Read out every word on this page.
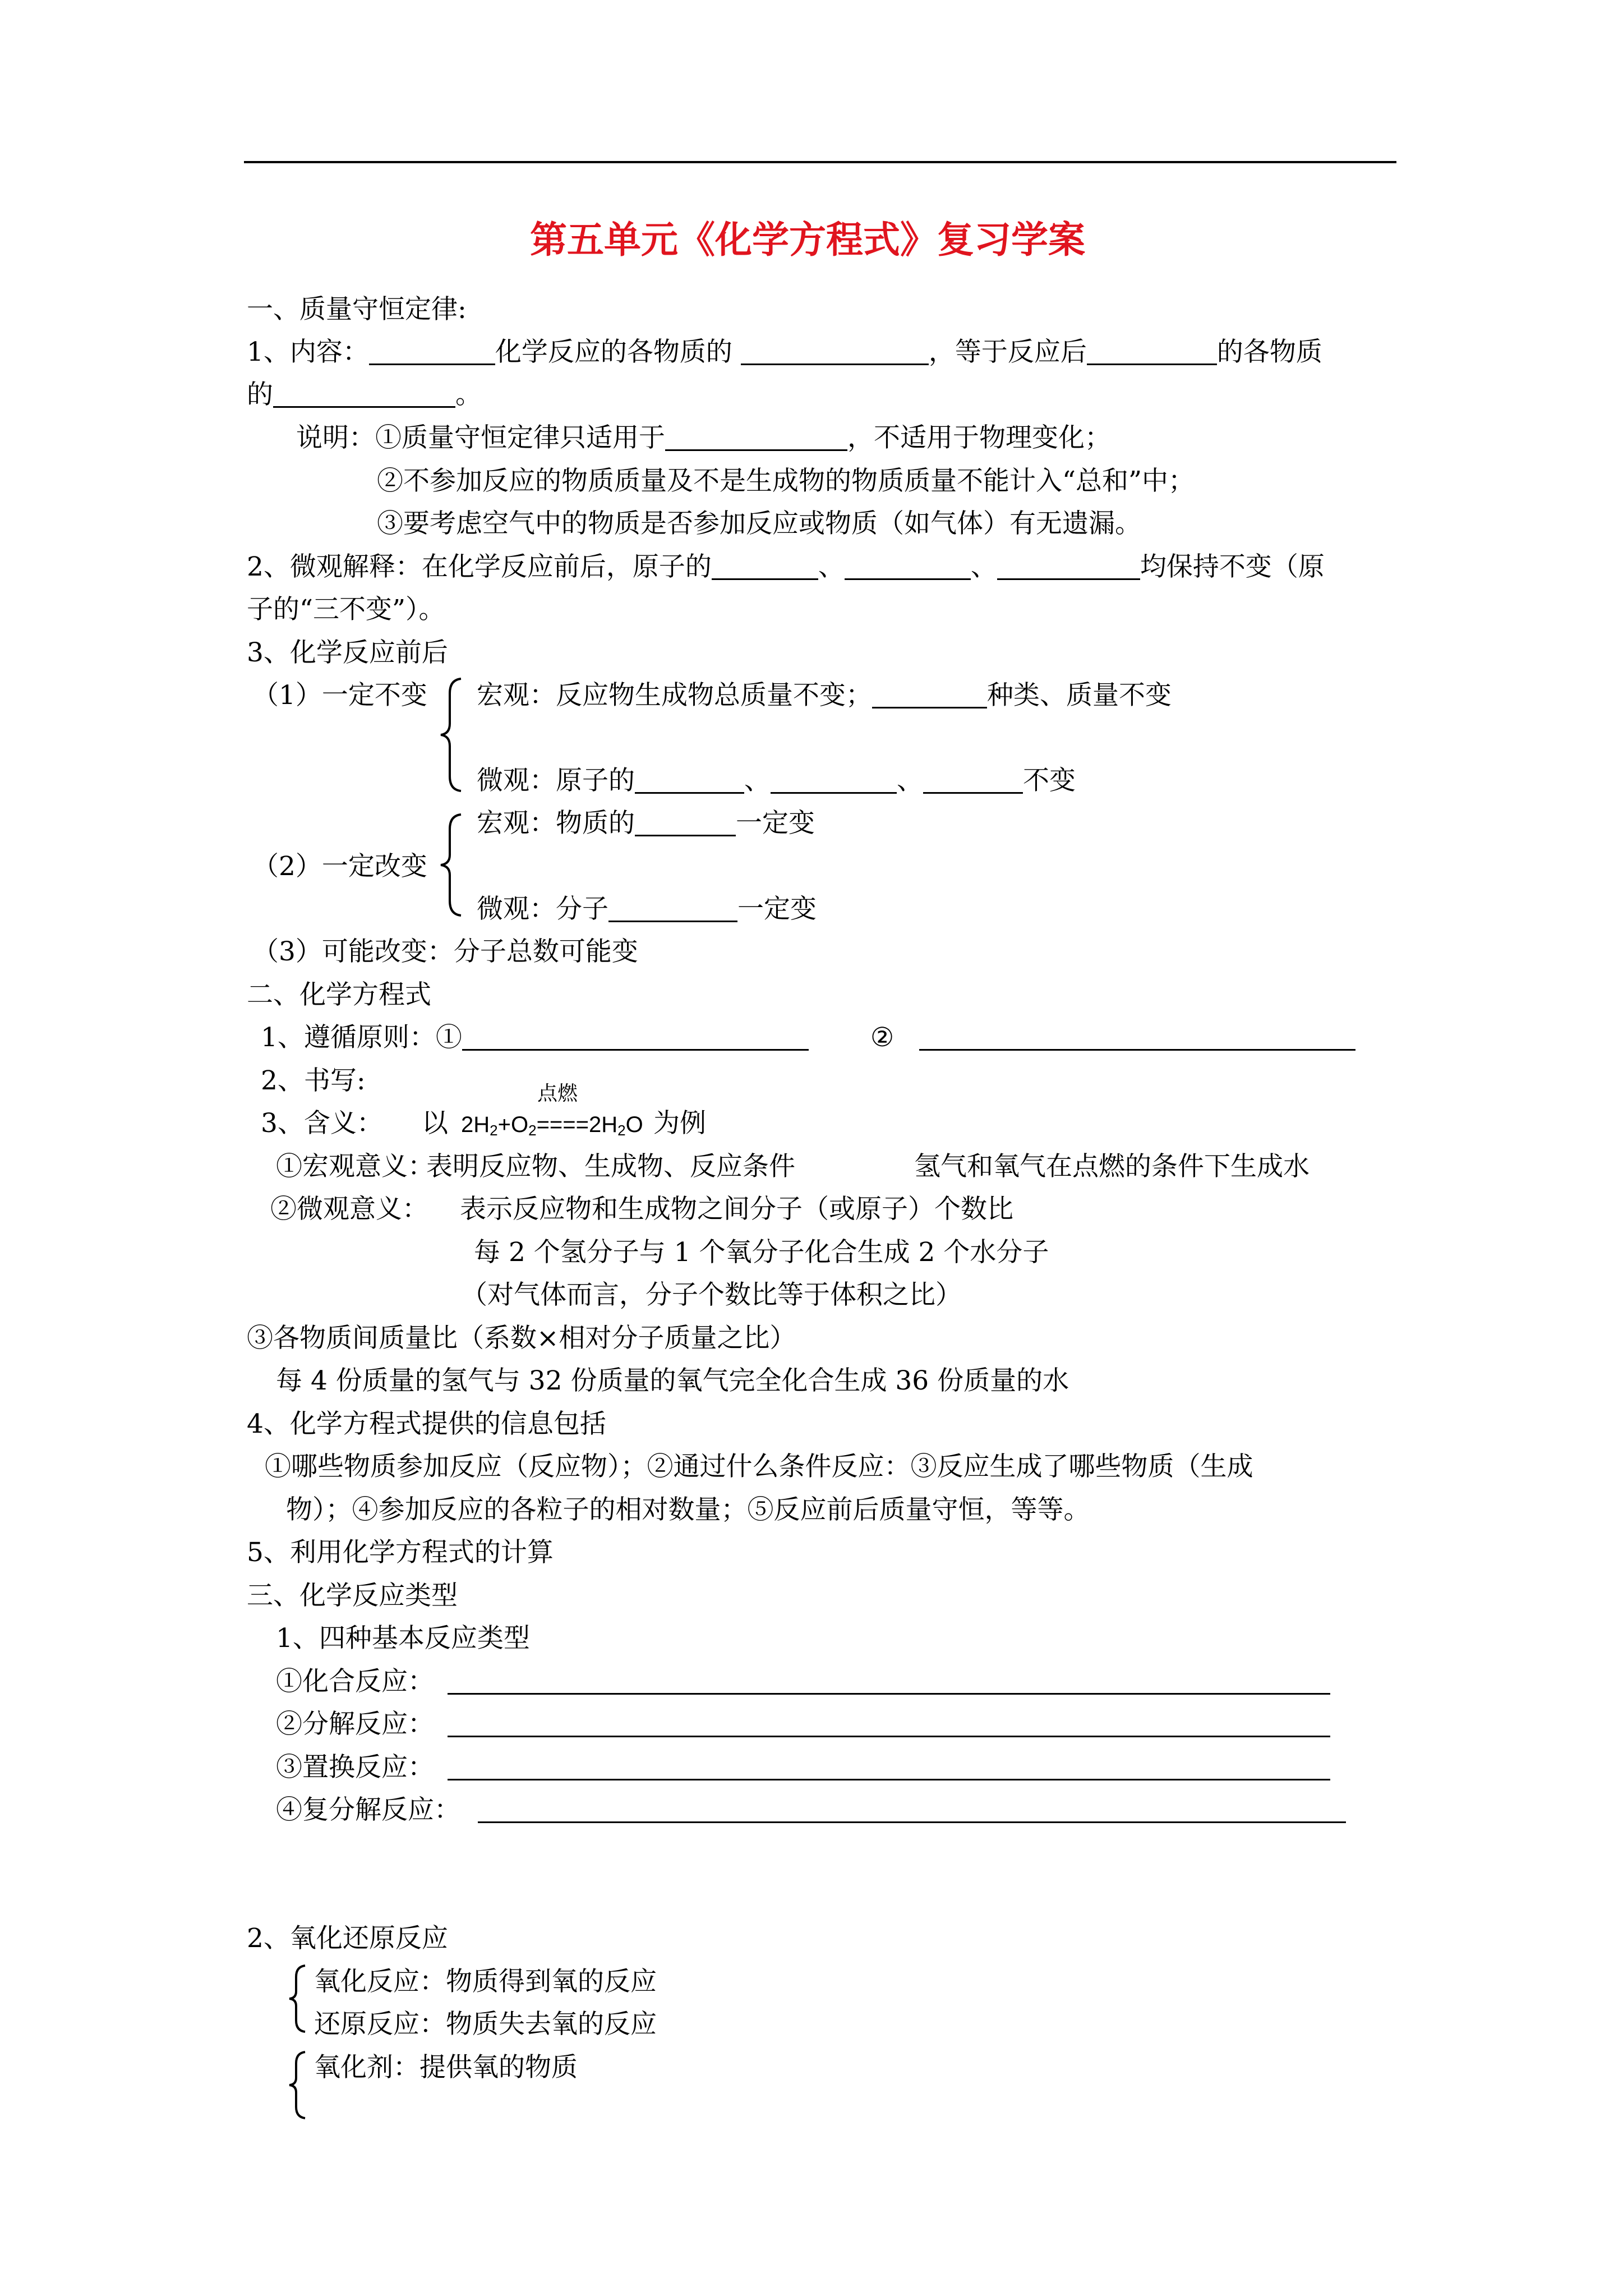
第五单元《化学方程式》复习学案
一、质量守恒定律:
1、内容：	化学反应的各物质的	，等于反应后	的各物质
的	。
说明：①质量守恒定律只适用于	，不适用于物理变化；
②不参加反应的物质质量及不是生成物的物质质量不能计入“总和”中；
③要考虑空气中的物质是否参加反应或物质（如气体）有无遗漏。
2、微观解释：在化学反应前后，原子的	、	、	均保持不变（原
子的“三不变”）。
3、化学反应前后
（1）一定不变 宏观：反应物生成物总质量不变；	种类、质量不变
微观：原子的	、	、	不变
宏观：物质的	一定变
（2）一定改变
微观：分子	一定变
（3）可能改变：分子总数可能变
二、化学方程式
1、遵循原则：①	②
2、书写:
3、含义： 以
点燃
$2H_2+O_2====2H_2O$ 为例
①宏观意义：
表明反应物、生成物、反应条件	氢气和氧气在点燃的条件下生成水
②微观意义： 表示反应物和生成物之间分子（或原子）个数比
每 2 个氢分子与 1 个氧分子化合生成 2 个水分子
（对气体而言，分子个数比等于体积之比）
③各物质间质量比（系数×相对分子质量之比）
每 4 份质量的氢气与 32 份质量的氧气完全化合生成 36 份质量的水
4、化学方程式提供的信息包括
①哪些物质参加反应（反应物）；②通过什么条件反应：③反应生成了哪些物质（生成
物）；④参加反应的各粒子的相对数量；⑤反应前后质量守恒，等等。
5、利用化学方程式的计算
三、化学反应类型
1、四种基本反应类型
①化合反应：
②分解反应：
③置换反应：
④复分解反应：
2、氧化还原反应
氧化反应：物质得到氧的反应
还原反应：物质失去氧的反应
氧化剂：提供氧的物质
